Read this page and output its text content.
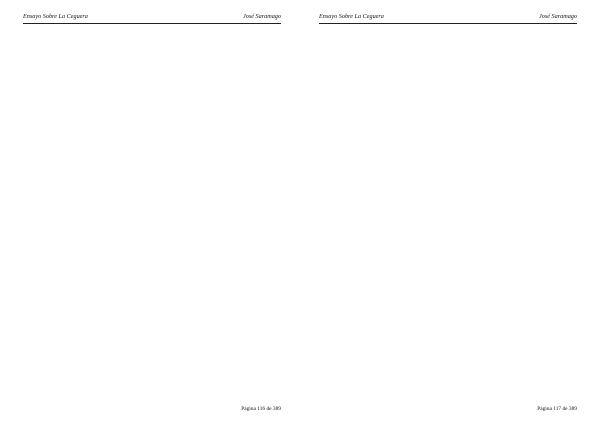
Ensayo Sobre La Ceguera	José Saramago

Página 116 de 389
Ensayo Sobre La Ceguera	José Saramago

Página 117 de 389
